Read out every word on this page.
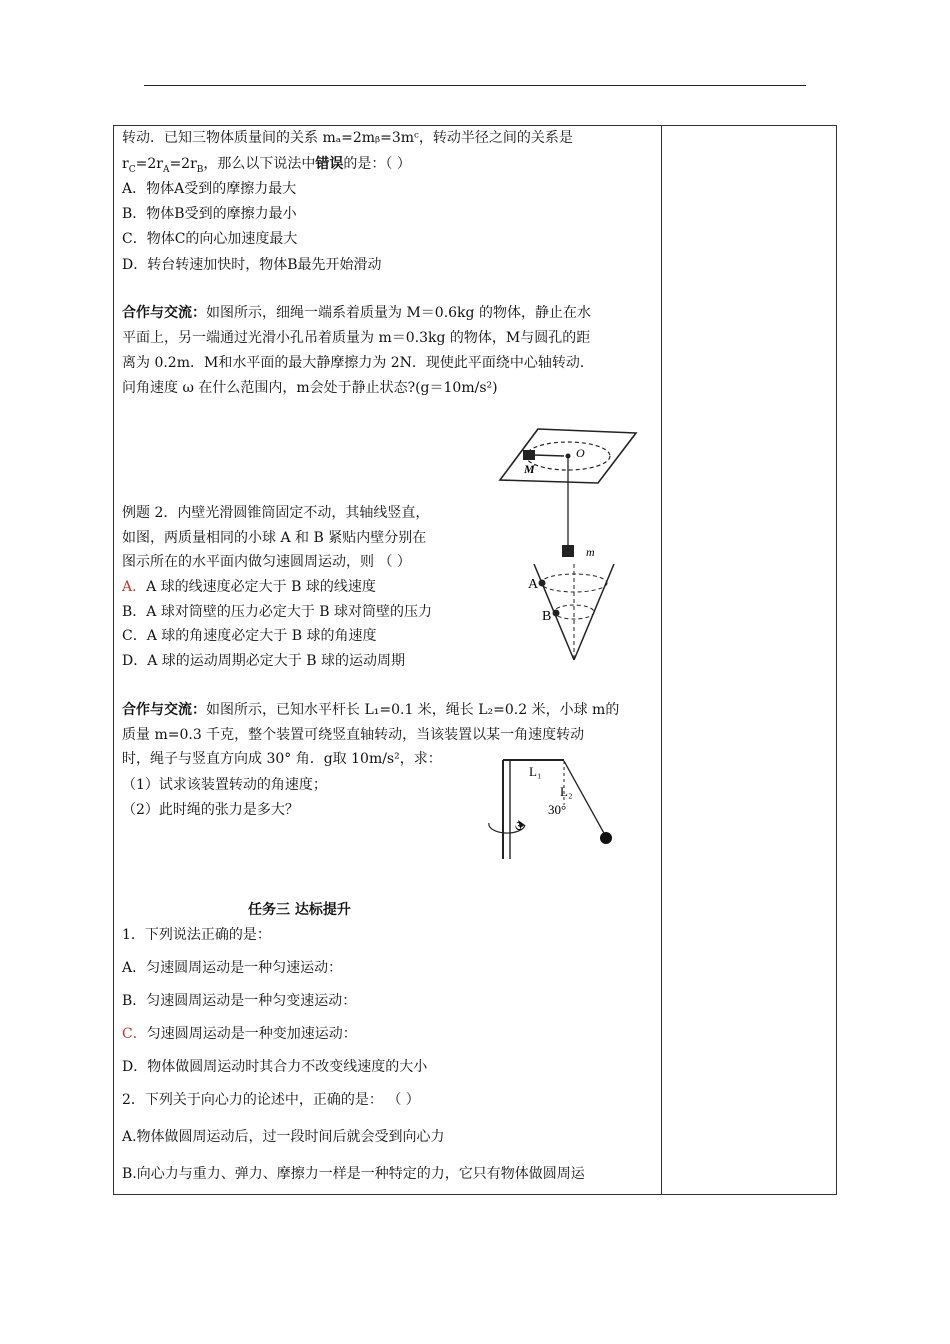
转动．已知三物体质量间的关系 mₐ=2mᵦ=3mᶜ，转动半径之间的关系是
$r_C=2r_A=2r_B$，那么以下说法中错误的是：（ ）
A．物体A受到的摩擦力最大
B．物体B受到的摩擦力最小
C．物体C的向心加速度最大
D．转台转速加快时，物体B最先开始滑动
合作与交流：如图所示，细绳一端系着质量为 M＝0.6kg 的物体，静止在水
平面上，另一端通过光滑小孔吊着质量为 m＝0.3kg 的物体，M与圆孔的距
离为 0.2m．M和水平面的最大静摩擦力为 2N．现使此平面绕中心轴转动．
问角速度 ω 在什么范围内，m会处于静止状态?(g＝10m/s²)
M
O
m
例题 2．内壁光滑圆锥筒固定不动，其轴线竖直，
如图，两质量相同的小球 A 和 B 紧贴内壁分别在
图示所在的水平面内做匀速圆周运动，则 （ ）
A．A 球的线速度必定大于 B 球的线速度
B．A 球对筒壁的压力必定大于 B 球对筒壁的压力
C．A 球的角速度必定大于 B 球的角速度
D．A 球的运动周期必定大于 B 球的运动周期
A
B
合作与交流：如图所示，已知水平杆长 L₁=0.1 米，绳长 L₂=0.2 米，小球 m的
质量 m=0.3 千克，整个装置可绕竖直轴转动，当该装置以某一角速度转动
时，绳子与竖直方向成 30° 角．g取 10m/s²，求：
（1）试求该装置转动的角速度；
（2）此时绳的张力是多大？
L₁
L₂
30°
ω
任务三 达标提升
1．下列说法正确的是：
A．匀速圆周运动是一种匀速运动：
B．匀速圆周运动是一种匀变速运动：
C．匀速圆周运动是一种变加速运动：
D．物体做圆周运动时其合力不改变线速度的大小
2．下列关于向心力的论述中，正确的是： （ ）
A.物体做圆周运动后，过一段时间后就会受到向心力
B.向心力与重力、弹力、摩擦力一样是一种特定的力，它只有物体做圆周运
